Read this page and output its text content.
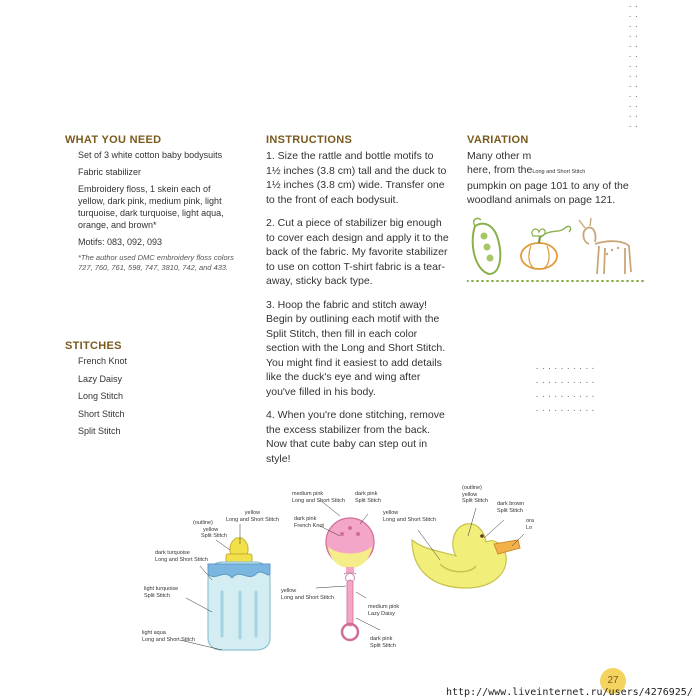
WHAT YOU NEED
Set of 3 white cotton baby bodysuits
Fabric stabilizer
Embroidery floss, 1 skein each of yellow, dark pink, medium pink, light turquoise, dark turquoise, light aqua, orange, and brown*
Motifs: 083, 092, 093
*The author used DMC embroidery floss colors 727, 760, 761, 598, 747, 3810, 742, and 433.
STITCHES
French Knot
Lazy Daisy
Long Stitch
Short Stitch
Split Stitch
INSTRUCTIONS
1. Size the rattle and bottle motifs to 1½ inches (3.8 cm) tall and the duck to 1½ inches (3.8 cm) wide. Transfer one to the front of each bodysuit.
2. Cut a piece of stabilizer big enough to cover each design and apply it to the back of the fabric. My favorite stabilizer to use on cotton T-shirt fabric is a tear-away, sticky back type.
3. Hoop the fabric and stitch away! Begin by outlining each motif with the Split Stitch, then fill in each color section with the Long and Short Stitch. You might find it easiest to add details like the duck's eye and wing after you've filled in his body.
4. When you're done stitching, remove the excess stabilizer from the back. Now that cute baby can step out in style!
VARIATION
Many other m
here, from theLong and Short Stitch
pumpkin on page 101 to any of the woodland animals on page 121.
··
··
··
··
··
··
··
··
··
··
··
··
··
··········
··········
··········
··········
yellow
Long and Short Stitch
(outline)
yellow
Split Stitch
dark turquoise
Long and Short Stitch
light turquoise
Split Stitch
light aqua
Long and Short Stitch
medium pink
Long and Short Stitch
dark pink
Split Stitch
dark pink
French Knot
yellow
Long and Short Stitch
medium pink
Lazy Daisy
dark pink
Split Stitch
yellow
Long and Short Stitch
(outline)
yellow
Split Stitch dark brown
Split Stitch
ora
Lo
27
http://www.liveinternet.ru/users/4276925/
